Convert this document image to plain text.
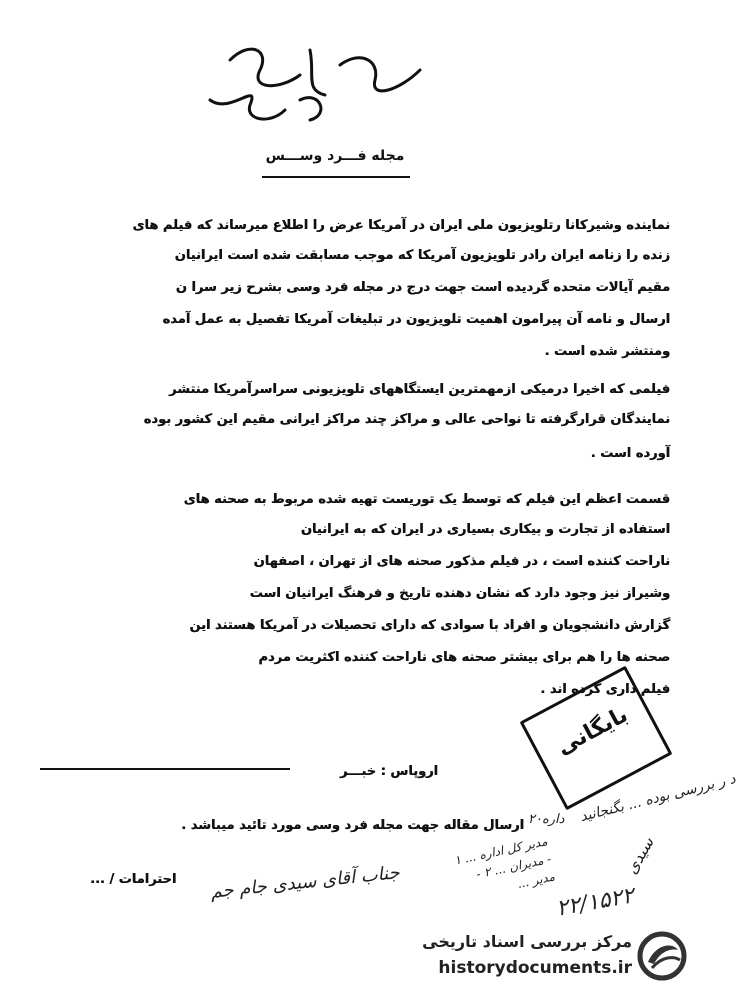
شبکه ۲ جام جم
مجله فـــرد وســـس
نماینده وشیرکانا رتلویزیون ملی ایران در آمریکا عرض را اطلاع میرساند که فیلم های
زنده را زنامه ایران رادر تلویزیون آمریکا که موجب مسابقت شده است ایرانیان
مقیم آیالات متحده گردیده است جهت درج در مجله فرد وسی بشرح زیر سرا ن
ارسال و نامه آن پیرامون اهمیت تلویزیون در تبلیغات آمریکا تفصیل به عمل آمده
ومنتشر شده است .
فیلمی که اخیرا درمیکی ازمهمترین ایستگاههای تلویزیونی سراسرآمریکا منتشر
نمایندگان قرارگرفته تا نواحی عالی و مراکز چند مراکز ایرانی مقیم این کشور بوده
آورده است .
قسمت اعظم این فیلم که توسط یک توریست تهیه شده مربوط به صحنه های
استفاده از تجارت و بیکاری بسیاری در ایران که به ایرانیان
ناراحت کننده است ، در فیلم مذکور صحنه های از تهران ، اصفهان
وشیراز نیز وجود دارد که نشان دهنده تاریخ و فرهنگ ایرانیان است
گزارش دانشجویان و افراد با سوادی که دارای تحصیلات در آمریکا هستند این
صحنه ها را هم برای بیشتر صحنه های ناراحت کننده اکثریت مردم
فیلم داری کرده اند .
بایگانی
اروپاس : خبـــر
ارسال مقاله جهت مجله فرد وسی مورد تائید میباشد .
احترامات / ...
داره۲۰ د ر بررسی بوده ... بگنجانید
مدیر کل اداره ... ۱ - مدیران ... ۲ - مدیر ...
۲۲/۱۵۲۲
جناب آقای سیدی جام جم
سیدی
مرکز بررسی اسناد تاریخی
historydocuments.ir
